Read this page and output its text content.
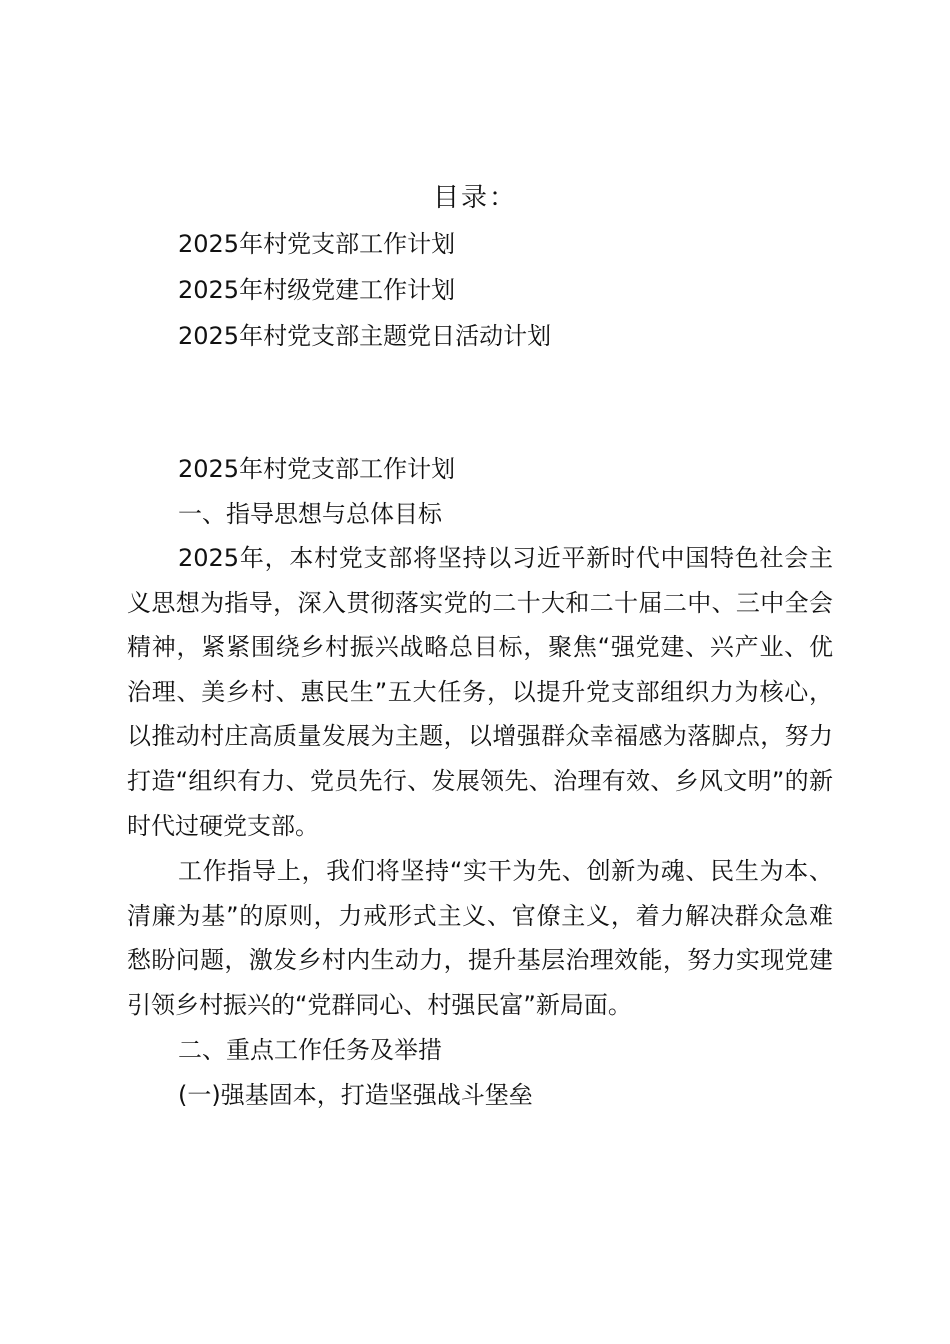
目录：
2025年村党支部工作计划
2025年村级党建工作计划
2025年村党支部主题党日活动计划
2025年村党支部工作计划
一、指导思想与总体目标

2025年，本村党支部将坚持以习近平新时代中国特色社会主义思想为指导，深入贯彻落实党的二十大和二十届二中、三中全会精神，紧紧围绕乡村振兴战略总目标，聚焦“强党建、兴产业、优治理、美乡村、惠民生”五大任务，以提升党支部组织力为核心，以推动村庄高质量发展为主题，以增强群众幸福感为落脚点，努力打造“组织有力、党员先行、发展领先、治理有效、乡风文明”的新时代过硬党支部。

工作指导上，我们将坚持“实干为先、创新为魂、民生为本、清廉为基”的原则，力戒形式主义、官僚主义，着力解决群众急难愁盼问题，激发乡村内生动力，提升基层治理效能，努力实现党建引领乡村振兴的“党群同心、村强民富”新局面。

二、重点工作任务及举措
(一)强基固本，打造坚强战斗堡垒
